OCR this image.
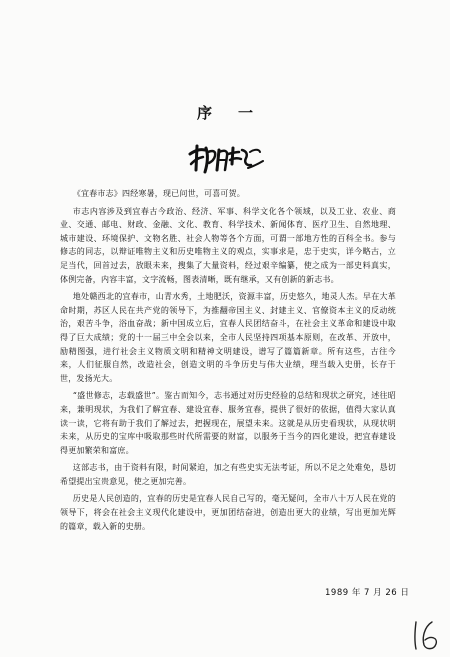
序一

《宜春市志》四经寒暑，现已问世，可喜可贺。

市志内容涉及到宜春古今政治、经济、军事、科学文化各个领域，以及工业、农业、商业、交通、邮电、财政、金融、文化、教育、科学技术、新闻体育、医疗卫生、自然地理、城市建设、环境保护、文物名胜、社会人物等各个方面，可谓一部地方性的百科全书。参与修志的同志，以辩证唯物主义和历史唯物主义的观点，实事求是，忠于史实，详今略古，立足当代，回首过去，放眼未来，搜集了大量资料，经过艰辛编纂，使之成为一部史料真实，体例完备，内容丰富，文字流畅，图表清晰，既有继承，又有创新的新志书。

地处赣西北的宜春市，山青水秀，土地肥沃，资源丰富，历史悠久，地灵人杰。早在大革命时期，苏区人民在共产党的领导下，为推翻帝国主义、封建主义、官僚资本主义的反动统治，艰苦斗争，浴血奋战；新中国成立后，宜春人民团结奋斗，在社会主义革命和建设中取得了巨大成绩；党的十一届三中全会以来，全市人民坚持四项基本原则，在改革、开放中，励精图强，进行社会主义物质文明和精神文明建设，谱写了篇篇新章。所有这些，古往今来，人们征服自然，改造社会，创造文明的斗争历史与伟大业绩，理当载入史册，长存于世，发扬光大。

“盛世修志，志载盛世”。鉴古而知今，志书通过对历史经验的总结和现状之研究，述往昭来，兼明现状，为我们了解宜春、建设宜春、服务宜春，提供了很好的依据，值得大家认真读一读，它将有助于我们了解过去，把握现在，展望未来。这就是从历史看现状，从现状明未来，从历史的宝库中吸取那些时代所需要的财富，以服务于当今的四化建设，把宜春建设得更加繁荣和富庶。

这部志书，由于资料有限，时间紧迫，加之有些史实无法考证，所以不足之处难免，恳切希望提出宝贵意见，使之更加完善。

历史是人民创造的，宜春的历史是宜春人民自己写的，毫无疑问，全市八十万人民在党的领导下，将会在社会主义现代化建设中，更加团结奋进，创造出更大的业绩，写出更加光辉的篇章，载入新的史册。

1989 年 7 月 26 日
